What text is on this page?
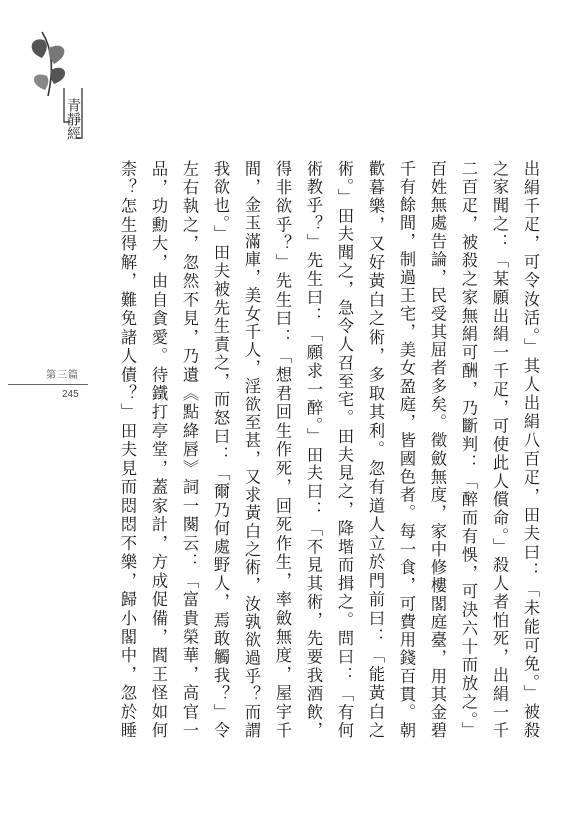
青靜經
第三篇
245

出絹千疋，可令汝活。」其人出絹八百疋，田夫曰：「未能可免。」被殺之家聞之：「某願出絹一千疋，可使此人償命。」殺人者怕死，出絹一千二百疋，被殺之家無絹可酬，乃斷判：「醉而有悞，可決六十而放之。」百姓無處告論，民受其屈者多矣。徵斂無度，家中修樓閣庭臺，用其金碧千有餘間，制過王宅，美女盈庭，皆國色者。每一食，可費用錢百貫。朝歡暮樂，又好黃白之術，多取其利。忽有道人立於門前曰：「能黃白之術。」田夫聞之，急令人召至宅。田夫見之，降堦而揖之。問曰：「有何術教乎？」先生曰：「願求一醉。」田夫曰：「不見其術，先要我酒飲，得非欲乎？」先生曰：「想君回生作死，回死作生，率斂無度，屋宇千間，金玉滿庫，美女千人，淫欲至甚，又求黃白之術，汝孰欲過乎？而謂我欲也。」田夫被先生責之，而怒曰：「爾乃何處野人，焉敢觸我？」令左右執之，忽然不見，乃遺《點絳唇》詞一闋云：「富貴榮華，高官一品，功勳大，由自貪愛。待鐵打亭堂，蓋家計，方成促備，閻王怪如何柰？怎生得解，難免諸人債？」田夫見而悶悶不樂，歸小閣中，忽於睡
